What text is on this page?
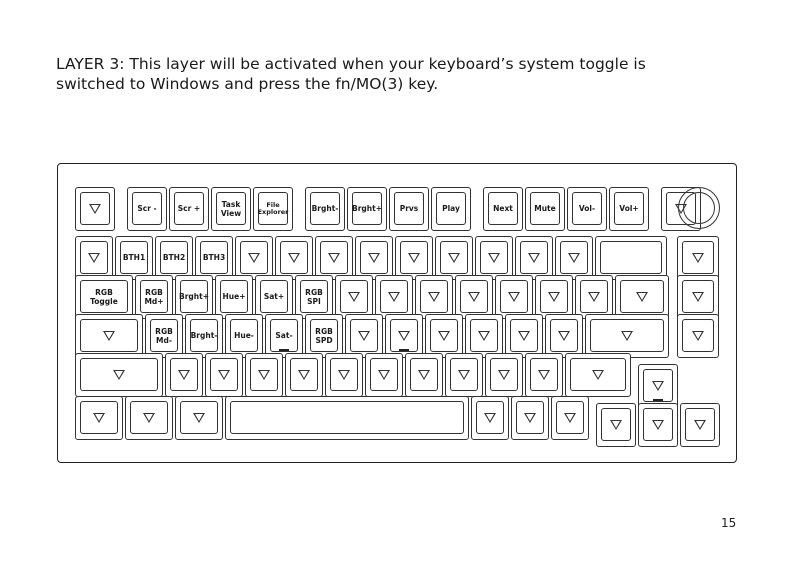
LAYER 3: This layer will be activated when your keyboard’s system toggle is
switched to Windows and press the fn/MO(3) key.

Scr -	Scr +	Task
View
File
Explorer	Brght- Brght+ Prvs	Play	Next	Mute	Vol-	Vol+
BTH1 BTH2 BTH3
RGB
Toggle
RGB
Md+ Brght+ Hue+ Sat+	RGB
SPI
RGB
Md- Brght- Hue-	Sat-	RGB
SPD
15
